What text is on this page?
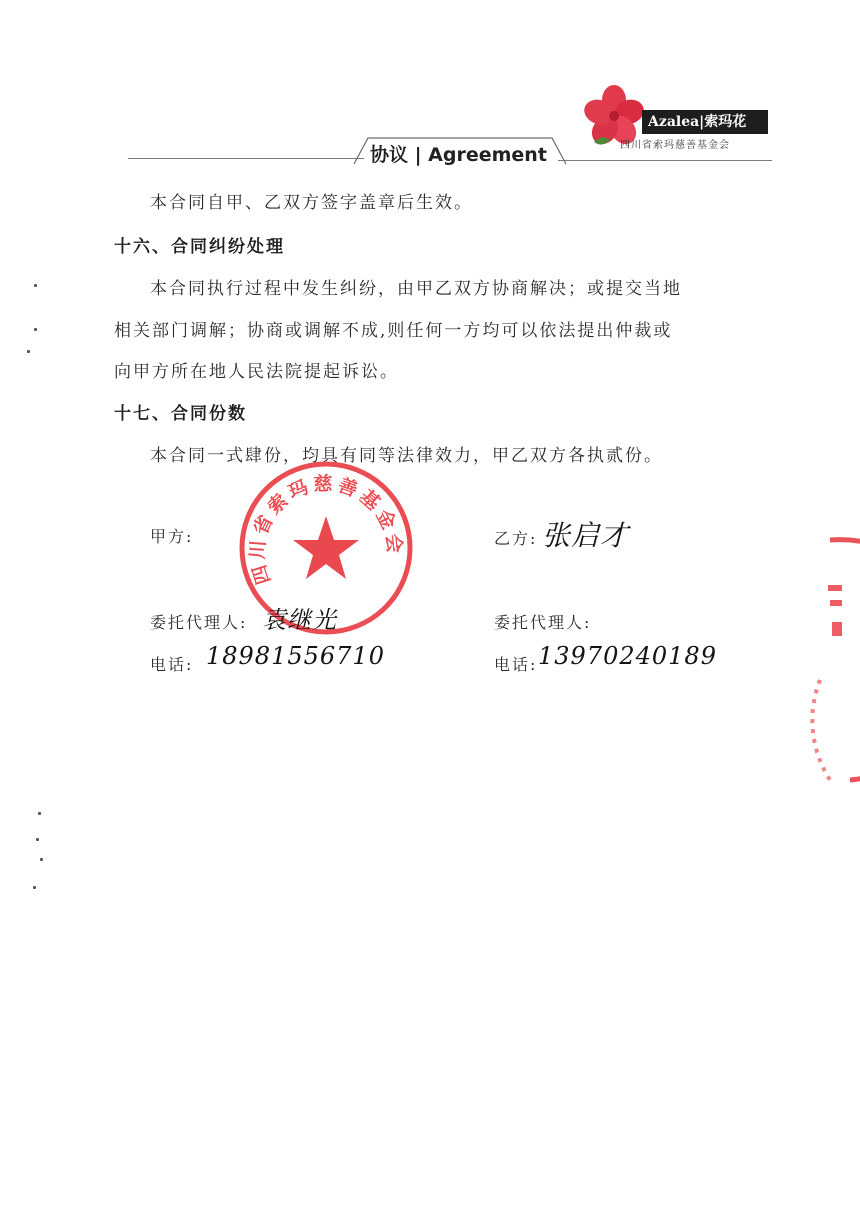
协议 | Agreement
Azalea|索玛花
四川省索玛慈善基金会
本合同自甲、乙双方签字盖章后生效。
十六、合同纠纷处理
本合同执行过程中发生纠纷，由甲乙双方协商解决；或提交当地
相关部门调解；协商或调解不成,则任何一方均可以依法提出仲裁或
向甲方所在地人民法院提起诉讼。
十七、合同份数
本合同一式肆份，均具有同等法律效力，甲乙双方各执贰份。
四川省索玛慈善基金会
甲方:	乙方: 张启才
委托代理人: 袁继光	委托代理人:
电话: 18981556710	电话: 13970240189
